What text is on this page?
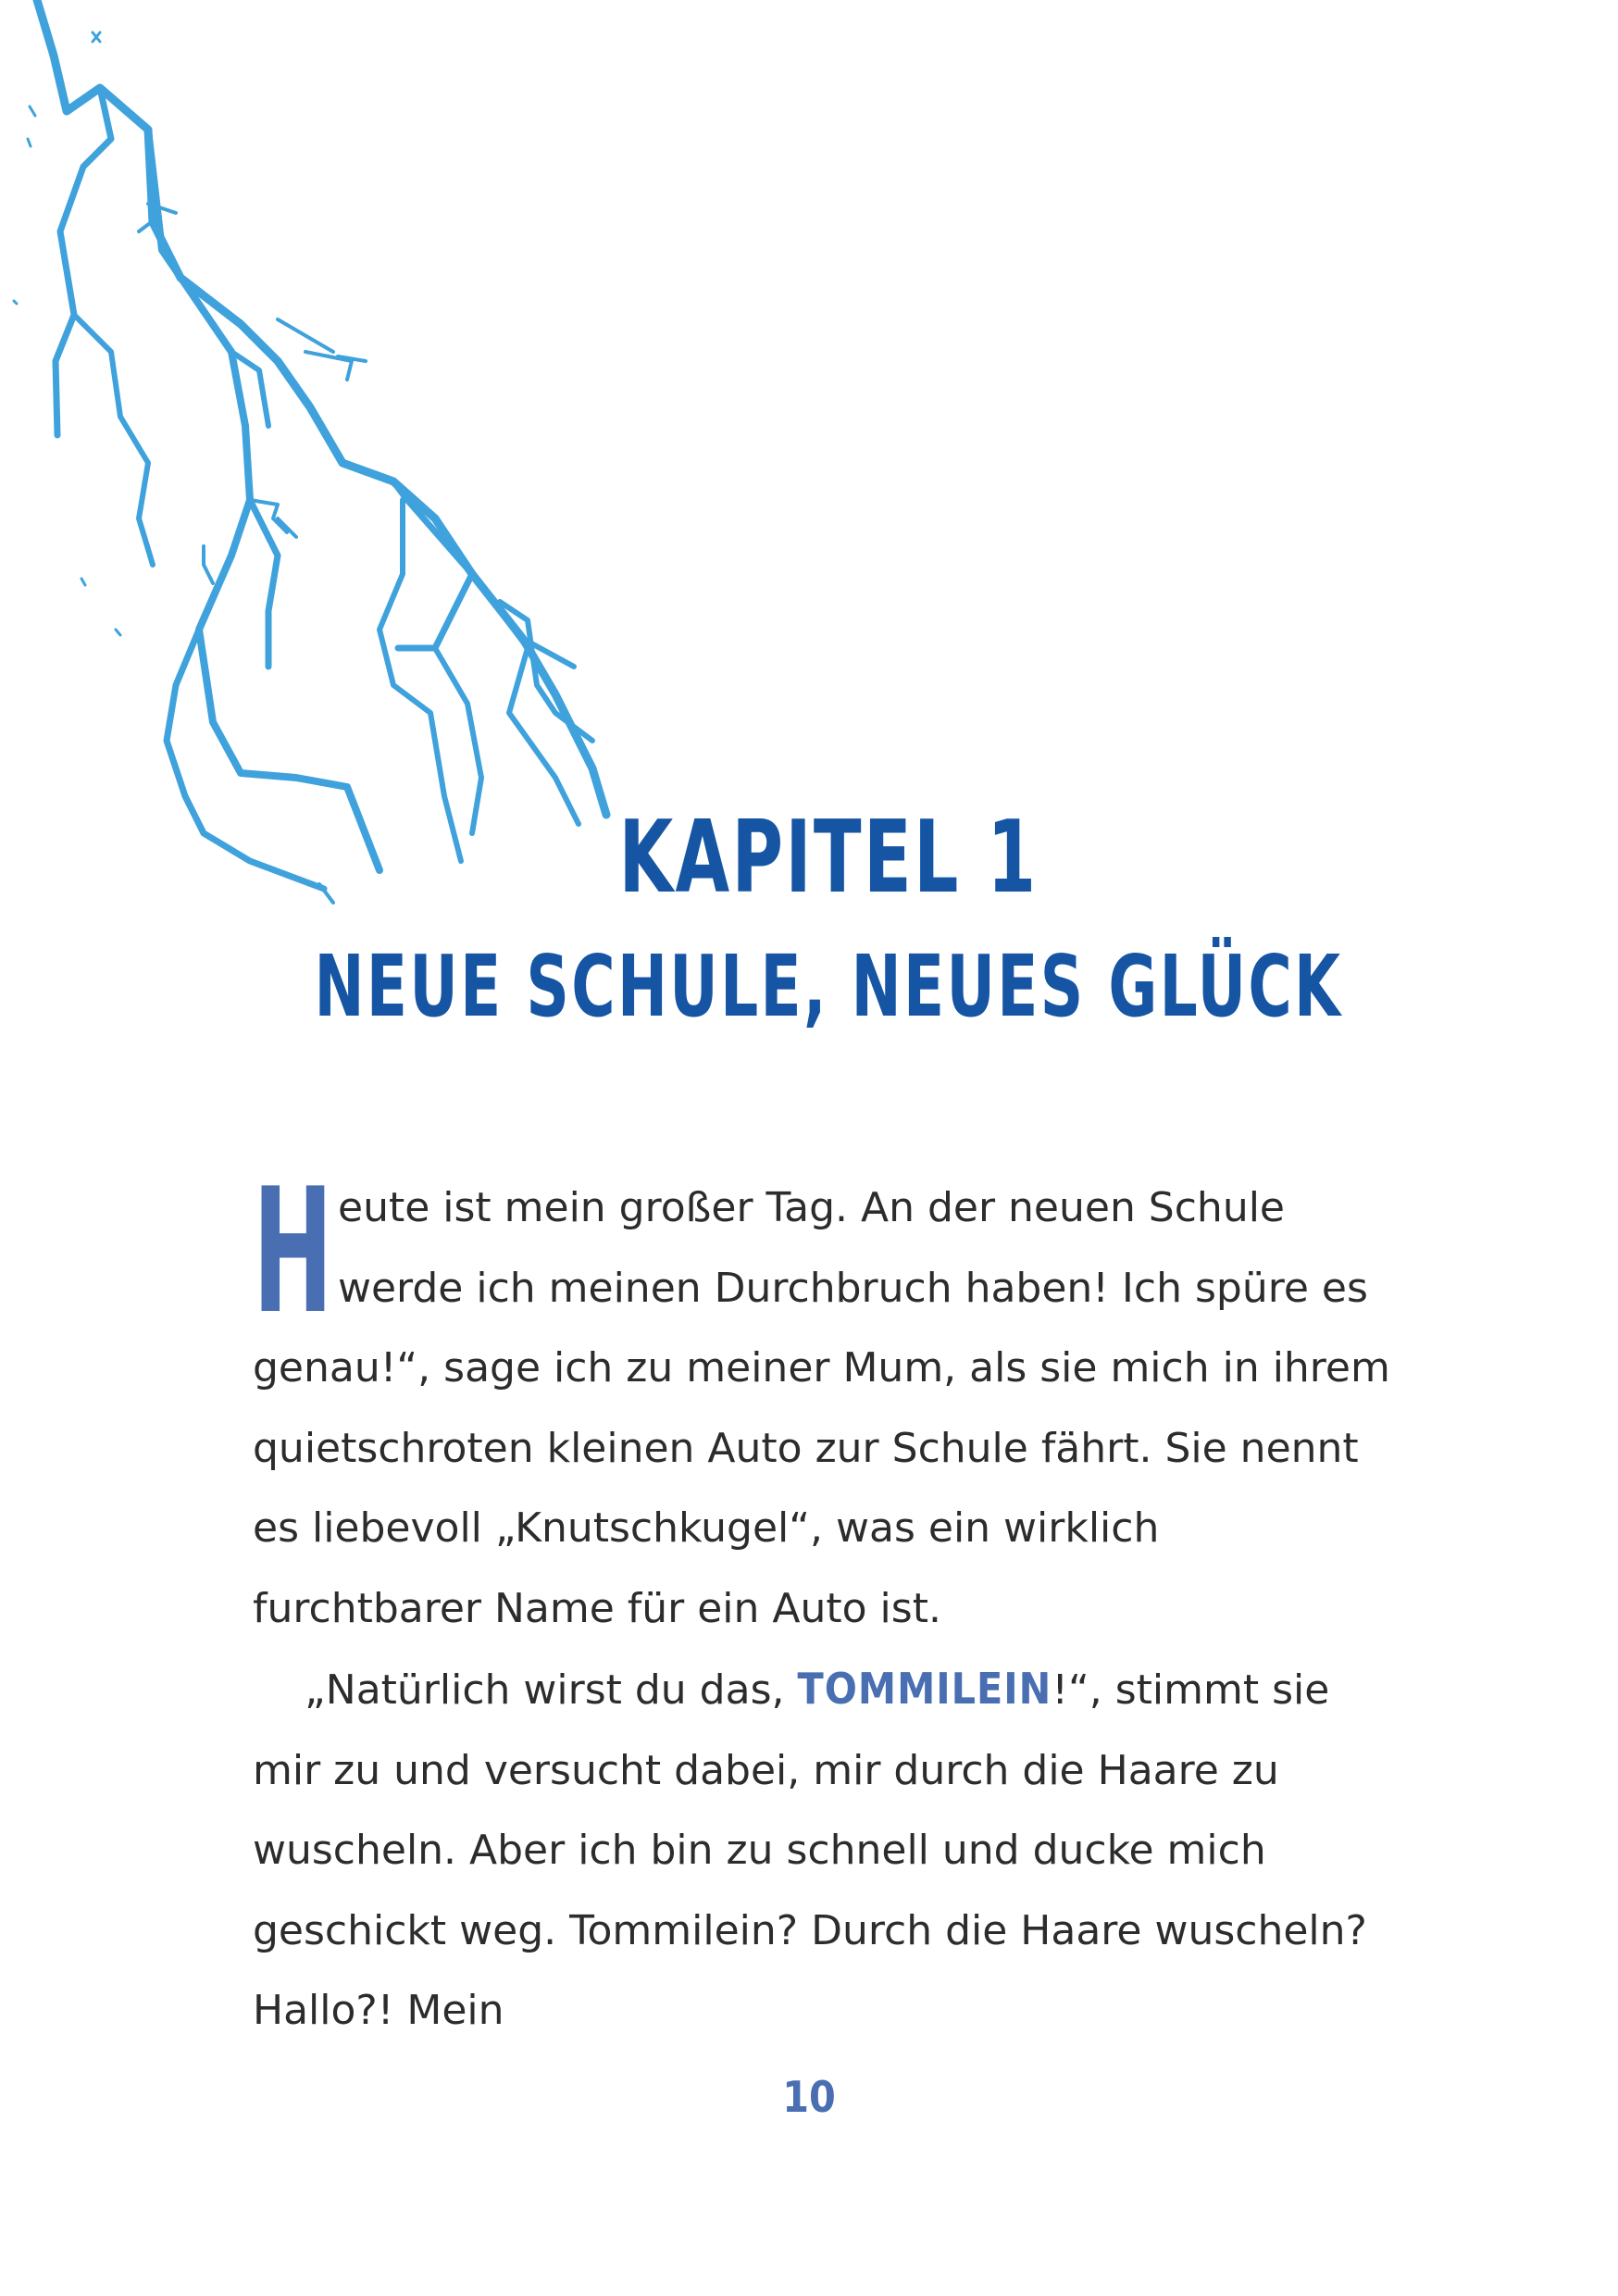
KAPITEL 1
NEUE SCHULE, NEUES GLÜCK

Heute ist mein großer Tag. An der neuen Schule werde ich meinen Durchbruch haben! Ich spüre es genau!“, sage ich zu meiner Mum, als sie mich in ihrem quietschroten kleinen Auto zur Schule fährt. Sie nennt es liebevoll „Knutschkugel“, was ein wirklich furchtbarer Name für ein Auto ist.

„Natürlich wirst du das, TOMMILEIN!“, stimmt sie mir zu und versucht dabei, mir durch die Haare zu wuscheln. Aber ich bin zu schnell und ducke mich geschickt weg. Tommilein? Durch die Haare wuscheln? Hallo?! Mein

10
